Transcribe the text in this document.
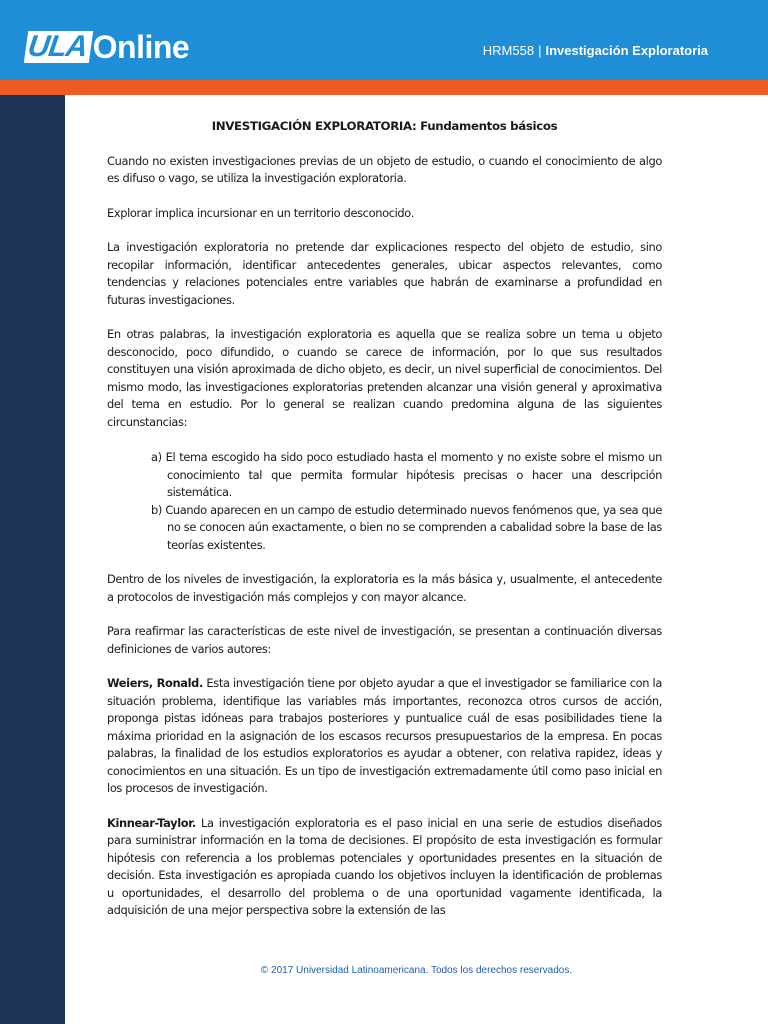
ULA Online	HRM558 | Investigación Exploratoria

INVESTIGACIÓN EXPLORATORIA: Fundamentos básicos

Cuando no existen investigaciones previas de un objeto de estudio, o cuando el conocimiento de algo es difuso o vago, se utiliza la investigación exploratoria.

Explorar implica incursionar en un territorio desconocido.

La investigación exploratoria no pretende dar explicaciones respecto del objeto de estudio, sino recopilar información, identificar antecedentes generales, ubicar aspectos relevantes, como tendencias y relaciones potenciales entre variables que habrán de examinarse a profundidad en futuras investigaciones.

En otras palabras, la investigación exploratoria es aquella que se realiza sobre un tema u objeto desconocido, poco difundido, o cuando se carece de información, por lo que sus resultados constituyen una visión aproximada de dicho objeto, es decir, un nivel superficial de conocimientos. Del mismo modo, las investigaciones exploratorias pretenden alcanzar una visión general y aproximativa del tema en estudio. Por lo general se realizan cuando predomina alguna de las siguientes circunstancias:

a) El tema escogido ha sido poco estudiado hasta el momento y no existe sobre el mismo un conocimiento tal que permita formular hipótesis precisas o hacer una descripción sistemática.
b) Cuando aparecen en un campo de estudio determinado nuevos fenómenos que, ya sea que no se conocen aún exactamente, o bien no se comprenden a cabalidad sobre la base de las teorías existentes.

Dentro de los niveles de investigación, la exploratoria es la más básica y, usualmente, el antecedente a protocolos de investigación más complejos y con mayor alcance.

Para reafirmar las características de este nivel de investigación, se presentan a continuación diversas definiciones de varios autores:

Weiers, Ronald. Esta investigación tiene por objeto ayudar a que el investigador se familiarice con la situación problema, identifique las variables más importantes, reconozca otros cursos de acción, proponga pistas idóneas para trabajos posteriores y puntualice cuál de esas posibilidades tiene la máxima prioridad en la asignación de los escasos recursos presupuestarios de la empresa. En pocas palabras, la finalidad de los estudios exploratorios es ayudar a obtener, con relativa rapidez, ideas y conocimientos en una situación. Es un tipo de investigación extremadamente útil como paso inicial en los procesos de investigación.

Kinnear-Taylor. La investigación exploratoria es el paso inicial en una serie de estudios diseñados para suministrar información en la toma de decisiones. El propósito de esta investigación es formular hipótesis con referencia a los problemas potenciales y oportunidades presentes en la situación de decisión. Esta investigación es apropiada cuando los objetivos incluyen la identificación de problemas u oportunidades, el desarrollo del problema o de una oportunidad vagamente identificada, la adquisición de una mejor perspectiva sobre la extensión de las

© 2017 Universidad Latinoamericana. Todos los derechos reservados.
